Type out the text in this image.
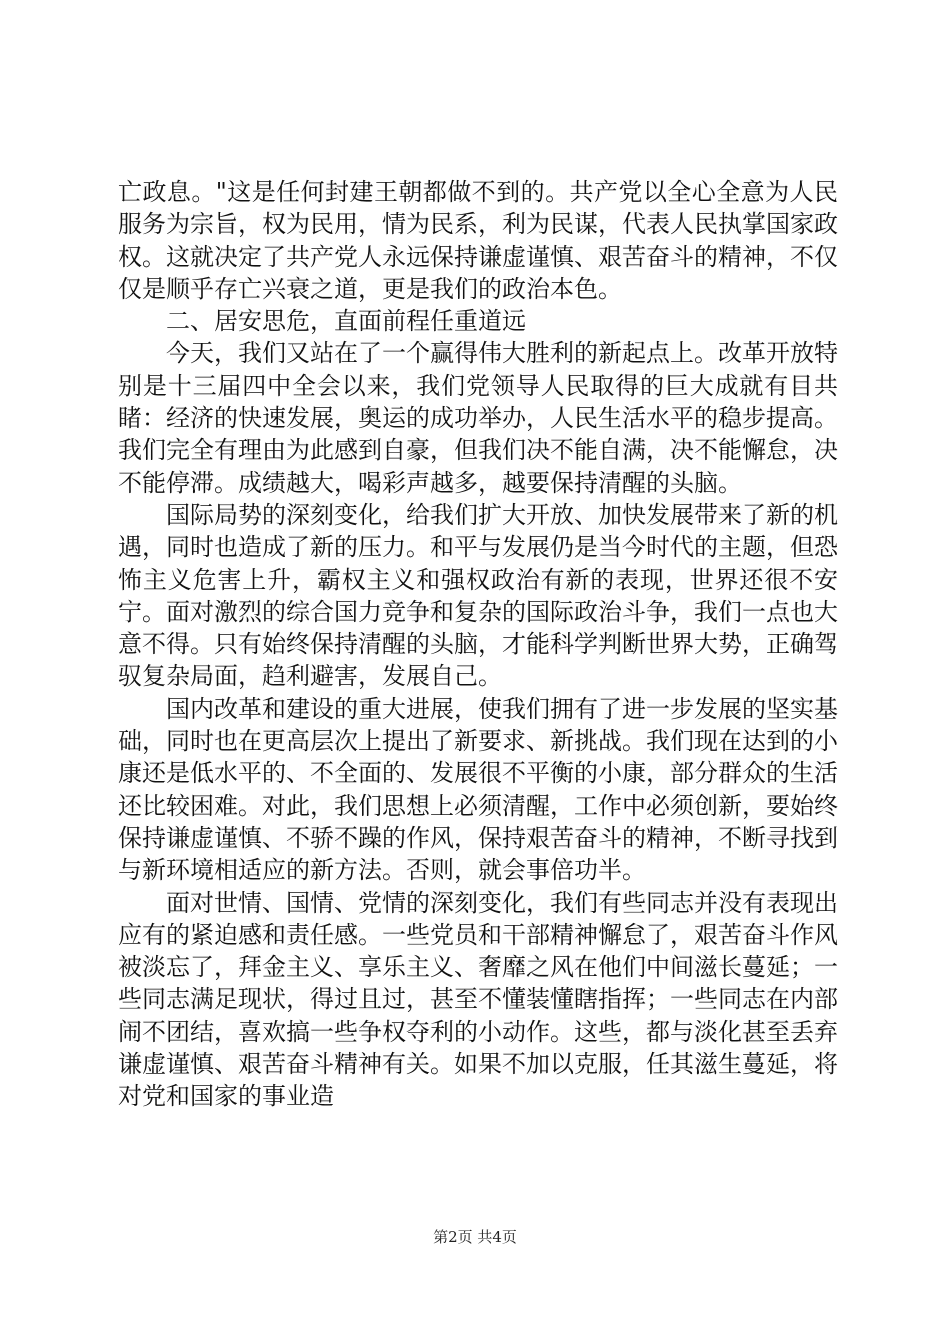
亡政息。"这是任何封建王朝都做不到的。共产党以全心全意为人民服务为宗旨，权为民用，情为民系，利为民谋，代表人民执掌国家政权。这就决定了共产党人永远保持谦虚谨慎、艰苦奋斗的精神，不仅仅是顺乎存亡兴衰之道，更是我们的政治本色。

二、居安思危，直面前程任重道远

今天，我们又站在了一个赢得伟大胜利的新起点上。改革开放特别是十三届四中全会以来，我们党领导人民取得的巨大成就有目共睹：经济的快速发展，奥运的成功举办，人民生活水平的稳步提高。我们完全有理由为此感到自豪，但我们决不能自满，决不能懈怠，决不能停滞。成绩越大，喝彩声越多，越要保持清醒的头脑。

国际局势的深刻变化，给我们扩大开放、加快发展带来了新的机遇，同时也造成了新的压力。和平与发展仍是当今时代的主题，但恐怖主义危害上升，霸权主义和强权政治有新的表现，世界还很不安宁。面对激烈的综合国力竞争和复杂的国际政治斗争，我们一点也大意不得。只有始终保持清醒的头脑，才能科学判断世界大势，正确驾驭复杂局面，趋利避害，发展自己。

国内改革和建设的重大进展，使我们拥有了进一步发展的坚实基础，同时也在更高层次上提出了新要求、新挑战。我们现在达到的小康还是低水平的、不全面的、发展很不平衡的小康，部分群众的生活还比较困难。对此，我们思想上必须清醒，工作中必须创新，要始终保持谦虚谨慎、不骄不躁的作风，保持艰苦奋斗的精神，不断寻找到与新环境相适应的新方法。否则，就会事倍功半。

面对世情、国情、党情的深刻变化，我们有些同志并没有表现出应有的紧迫感和责任感。一些党员和干部精神懈怠了，艰苦奋斗作风被淡忘了，拜金主义、享乐主义、奢靡之风在他们中间滋长蔓延；一些同志满足现状，得过且过，甚至不懂装懂瞎指挥；一些同志在内部闹不团结，喜欢搞一些争权夺利的小动作。这些，都与淡化甚至丢弃谦虚谨慎、艰苦奋斗精神有关。如果不加以克服，任其滋生蔓延，将对党和国家的事业造

第2页 共4页
